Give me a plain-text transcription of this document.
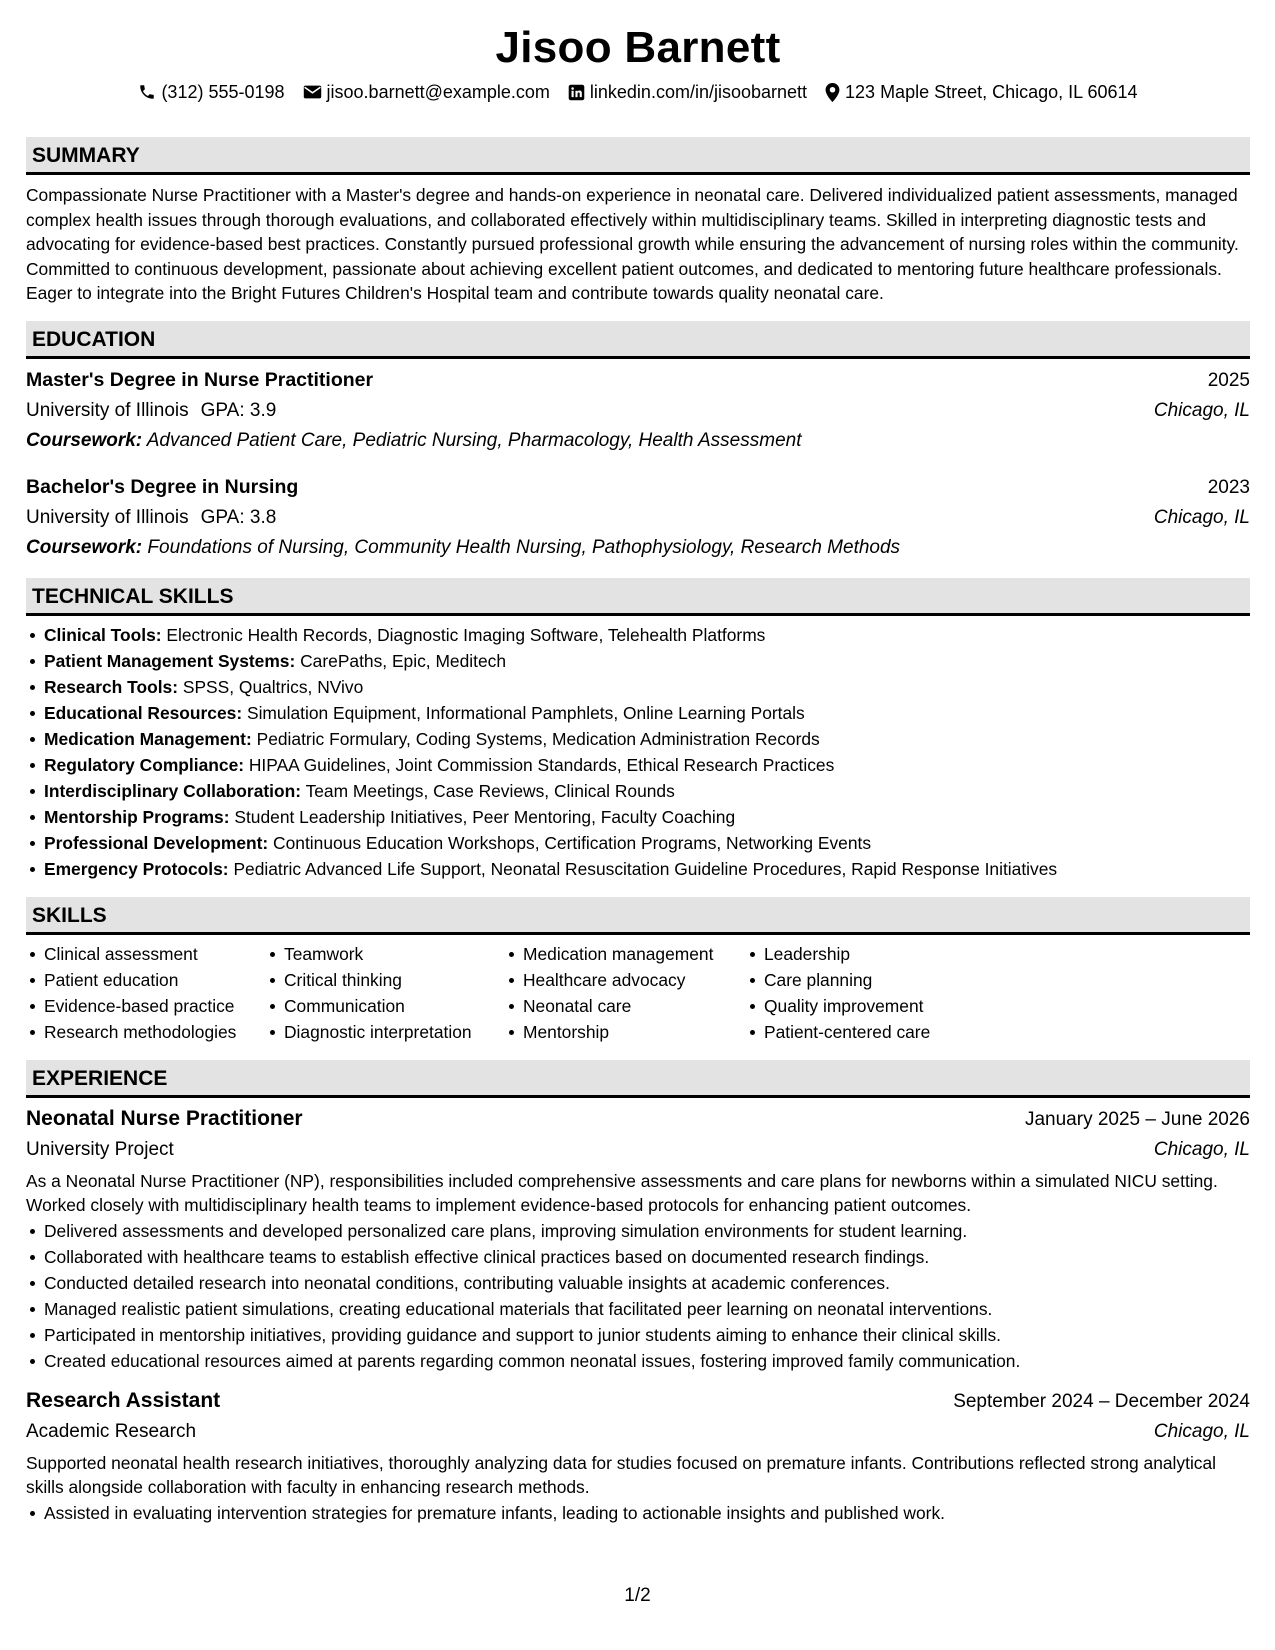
Jisoo Barnett
(312) 555-0198 jisoo.barnett@example.com linkedin.com/in/jisoobarnett 123 Maple Street, Chicago, IL 60614
SUMMARY

Compassionate Nurse Practitioner with a Master's degree and hands-on experience in neonatal care. Delivered individualized patient assessments, managed complex health issues through thorough evaluations, and collaborated effectively within multidisciplinary teams. Skilled in interpreting diagnostic tests and advocating for evidence-based best practices. Constantly pursued professional growth while ensuring the advancement of nursing roles within the community. Committed to continuous development, passionate about achieving excellent patient outcomes, and dedicated to mentoring future healthcare professionals. Eager to integrate into the Bright Futures Children's Hospital team and contribute towards quality neonatal care.

EDUCATION
Master's Degree in Nurse Practitioner	2025
University of Illinois GPA: 3.9	Chicago, IL
Coursework: Advanced Patient Care, Pediatric Nursing, Pharmacology, Health Assessment
Bachelor's Degree in Nursing	2023
University of Illinois GPA: 3.8	Chicago, IL
Coursework: Foundations of Nursing, Community Health Nursing, Pathophysiology, Research Methods
TECHNICAL SKILLS
Clinical Tools: Electronic Health Records, Diagnostic Imaging Software, Telehealth Platforms
Patient Management Systems: CarePaths, Epic, Meditech
Research Tools: SPSS, Qualtrics, NVivo
Educational Resources: Simulation Equipment, Informational Pamphlets, Online Learning Portals
Medication Management: Pediatric Formulary, Coding Systems, Medication Administration Records
Regulatory Compliance: HIPAA Guidelines, Joint Commission Standards, Ethical Research Practices
Interdisciplinary Collaboration: Team Meetings, Case Reviews, Clinical Rounds
Mentorship Programs: Student Leadership Initiatives, Peer Mentoring, Faculty Coaching
Professional Development: Continuous Education Workshops, Certification Programs, Networking Events
Emergency Protocols: Pediatric Advanced Life Support, Neonatal Resuscitation Guideline Procedures, Rapid Response Initiatives
SKILLS
Clinical assessment
Patient education
Evidence-based practice
Research methodologies
Teamwork
Critical thinking
Communication
Diagnostic interpretation
Medication management
Healthcare advocacy
Neonatal care
Mentorship
Leadership
Care planning
Quality improvement
Patient-centered care
EXPERIENCE
Neonatal Nurse Practitioner	January 2025 – June 2026
University Project	Chicago, IL

As a Neonatal Nurse Practitioner (NP), responsibilities included comprehensive assessments and care plans for newborns within a simulated NICU setting. Worked closely with multidisciplinary health teams to implement evidence-based protocols for enhancing patient outcomes.

Delivered assessments and developed personalized care plans, improving simulation environments for student learning.
Collaborated with healthcare teams to establish effective clinical practices based on documented research findings.
Conducted detailed research into neonatal conditions, contributing valuable insights at academic conferences.
Managed realistic patient simulations, creating educational materials that facilitated peer learning on neonatal interventions.
Participated in mentorship initiatives, providing guidance and support to junior students aiming to enhance their clinical skills.
Created educational resources aimed at parents regarding common neonatal issues, fostering improved family communication.
Research Assistant	September 2024 – December 2024
Academic Research	Chicago, IL

Supported neonatal health research initiatives, thoroughly analyzing data for studies focused on premature infants. Contributions reflected strong analytical skills alongside collaboration with faculty in enhancing research methods.

Assisted in evaluating intervention strategies for premature infants, leading to actionable insights and published work.
1/2
